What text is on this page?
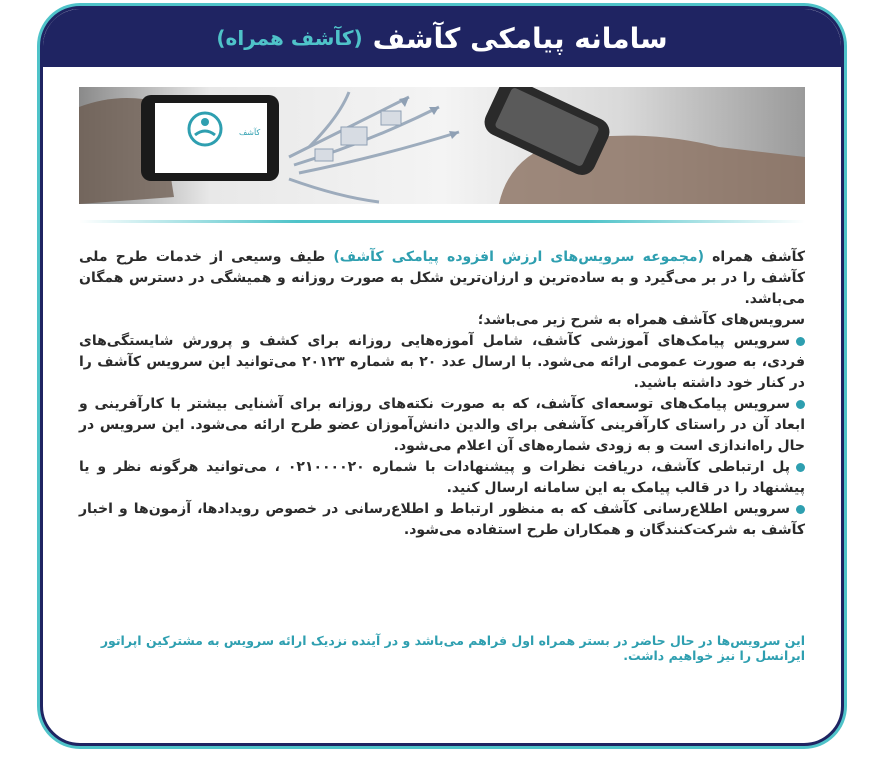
سامانه پیامکی کآشف
(کآشف همراه)
کآشف

کآشف همراه (مجموعه سرویس‌های ارزش افزوده پیامکی کآشف) طیف وسیعی از خدمات طرح ملی کآشف را در بر می‌گیرد و به ساده‌ترین و ارزان‌ترین شکل به صورت روزانه و همیشگی در دسترس همگان می‌باشد.

سرویس‌های کآشف همراه به شرح زیر می‌باشد؛

سرویس پیامک‌های آموزشی کآشف، شامل آموزه‌هایی روزانه برای کشف و پرورش شایستگی‌های فردی، به صورت عمومی ارائه می‌شود. با ارسال عدد ۲۰ به شماره ۲۰۱۲۳ می‌توانید این سرویس کآشف را در کنار خود داشته باشید.

سرویس پیامک‌های توسعه‌ای کآشف، که به صورت نکته‌های روزانه برای آشنایی بیشتر با کارآفرینی و ابعاد آن در راستای کارآفرینی کآشفی برای والدین دانش‌آموزان عضو طرح ارائه می‌شود. این سرویس در حال راه‌اندازی است و به زودی شماره‌های آن اعلام می‌شود.

پل ارتباطی کآشف، دریافت نظرات و پیشنهادات با شماره ۰۲۱۰۰۰۰۲۰ ، می‌توانید هرگونه نظر و یا پیشنهاد را در قالب پیامک به این سامانه ارسال کنید.

سرویس اطلاع‌رسانی کآشف که به منظور ارتباط و اطلاع‌رسانی در خصوص رویدادها، آزمون‌ها و اخبار کآشف به شرکت‌کنندگان و همکاران طرح استفاده می‌شود.

این سرویس‌ها در حال حاضر در بستر همراه اول فراهم می‌باشد و در آینده نزدیک ارائه سرویس به مشترکین اپراتور ایرانسل را نیز خواهیم داشت.
